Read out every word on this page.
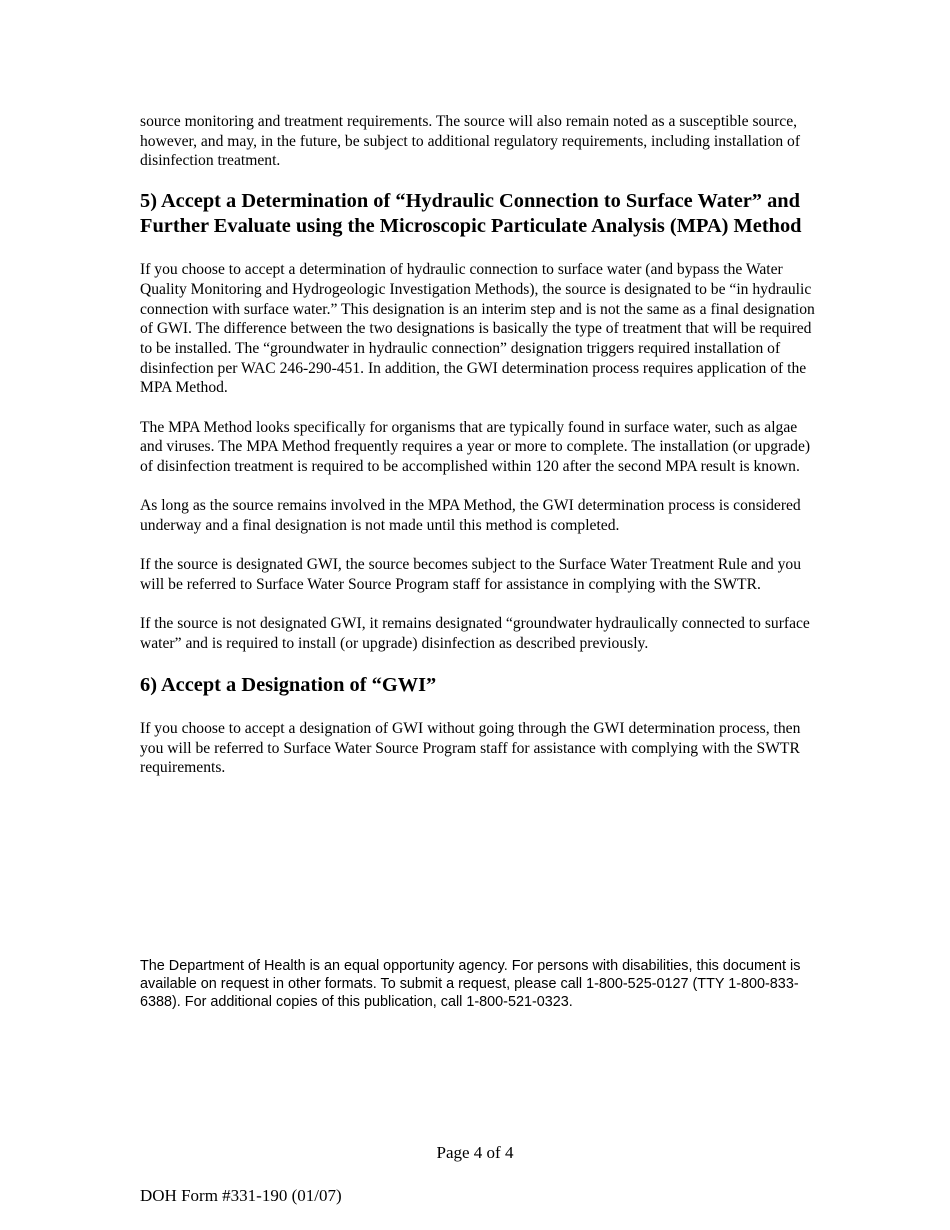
source monitoring and treatment requirements. The source will also remain noted as a susceptible source, however, and may, in the future, be subject to additional regulatory requirements, including installation of disinfection treatment.

5) Accept a Determination of “Hydraulic Connection to Surface Water” and Further Evaluate using the Microscopic Particulate Analysis (MPA) Method

If you choose to accept a determination of hydraulic connection to surface water (and bypass the Water Quality Monitoring and Hydrogeologic Investigation Methods), the source is designated to be “in hydraulic connection with surface water.” This designation is an interim step and is not the same as a final designation of GWI. The difference between the two designations is basically the type of treatment that will be required to be installed. The “groundwater in hydraulic connection” designation triggers required installation of disinfection per WAC 246-290-451. In addition, the GWI determination process requires application of the MPA Method.

The MPA Method looks specifically for organisms that are typically found in surface water, such as algae and viruses. The MPA Method frequently requires a year or more to complete. The installation (or upgrade) of disinfection treatment is required to be accomplished within 120 after the second MPA result is known.

As long as the source remains involved in the MPA Method, the GWI determination process is considered underway and a final designation is not made until this method is completed.

If the source is designated GWI, the source becomes subject to the Surface Water Treatment Rule and you will be referred to Surface Water Source Program staff for assistance in complying with the SWTR.

If the source is not designated GWI, it remains designated “groundwater hydraulically connected to surface water” and is required to install (or upgrade) disinfection as described previously.

6) Accept a Designation of “GWI”

If you choose to accept a designation of GWI without going through the GWI determination process, then you will be referred to Surface Water Source Program staff for assistance with complying with the SWTR requirements.

The Department of Health is an equal opportunity agency. For persons with disabilities, this document is available on request in other formats. To submit a request, please call 1-800-525-0127 (TTY 1-800-833-6388). For additional copies of this publication, call 1-800-521-0323.

Page 4 of 4

DOH Form #331-190 (01/07)
